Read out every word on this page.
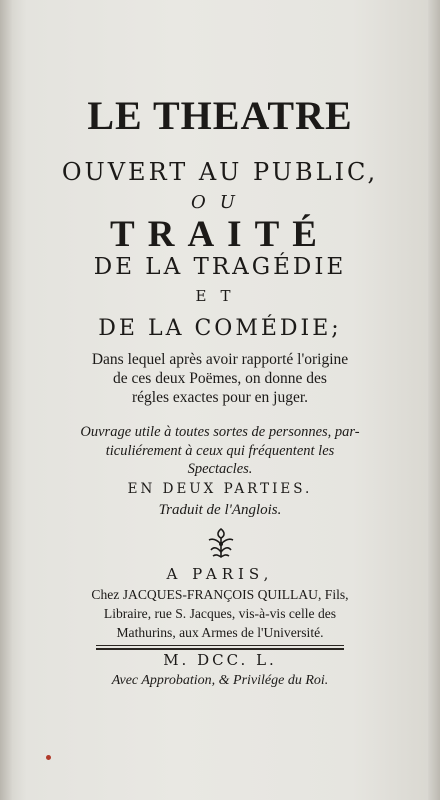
LE THEATRE
OUVERT AU PUBLIC,
OU
TRAITÉ
DE LA TRAGÉDIE
ET
DE LA COMÉDIE;
Dans lequel après avoir rapporté l'origine
de ces deux Poëmes, on donne des
régles exactes pour en juger.
Ouvrage utile à toutes sortes de personnes, par-
ticuliérement à ceux qui fréquentent les
Spectacles.
EN DEUX PARTIES.
Traduit de l'Anglois.
A PARIS,
Chez JACQUES-FRANÇOIS QUILLAU, Fils,
Libraire, rue S. Jacques, vis-à-vis celle des
Mathurins, aux Armes de l'Université.
M. DCC. L.
Avec Approbation, & Privilége du Roi.
